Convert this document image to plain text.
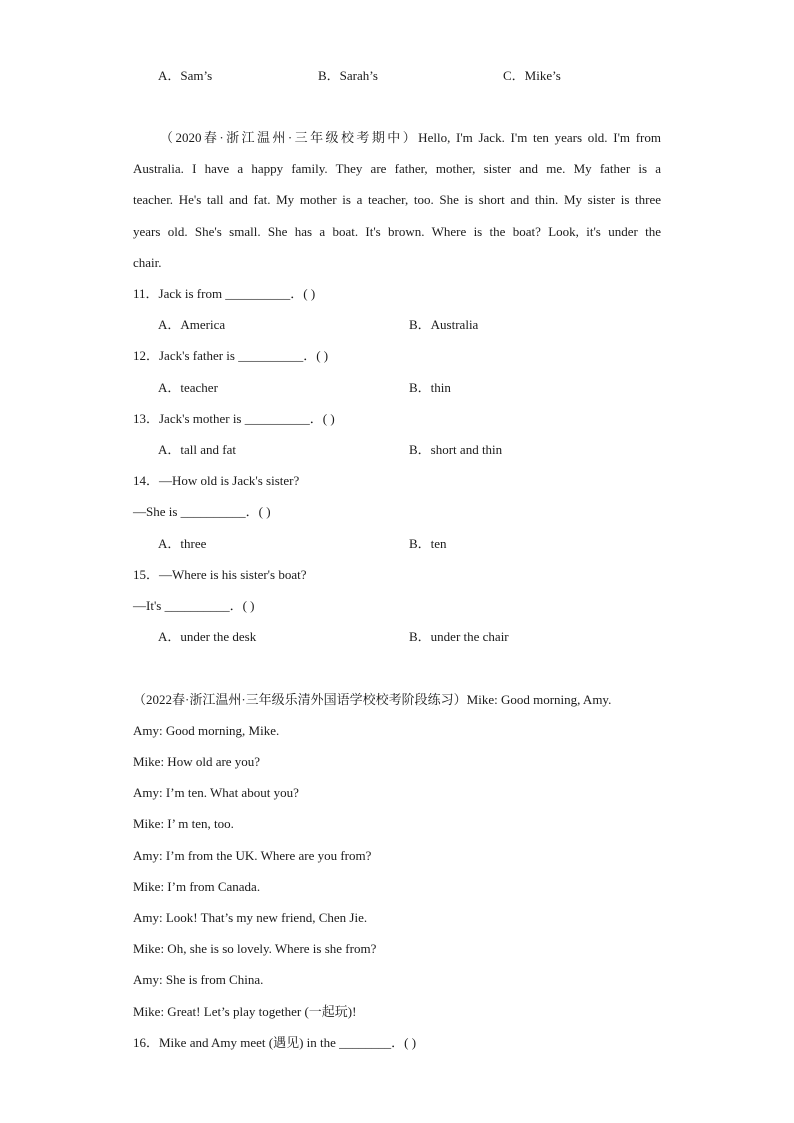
A．Sam’s	B．Sarah’s	C．Mike’s
（2020春·浙江温州·三年级校考期中）Hello, I'm Jack. I'm ten years old. I'm from
Australia. I have a happy family. They are father, mother, sister and me. My father is a
teacher. He's tall and fat. My mother is a teacher, too. She is short and thin. My sister is three
years old. She's small. She has a boat. It's brown. Where is the boat? Look, it's under the
chair.
11．Jack is from __________．( )
A．America	B．Australia
12．Jack's father is __________．( )
A．teacher	B．thin
13．Jack's mother is __________．( )
A．tall and fat	B．short and thin
14．—How old is Jack's sister?
—She is __________．( )
A．three	B．ten
15．—Where is his sister's boat?
—It's __________．( )
A．under the desk	B．under the chair
（2022春·浙江温州·三年级乐清外国语学校校考阶段练习）Mike: Good morning, Amy.
Amy: Good morning, Mike.
Mike: How old are you?
Amy: I’m ten. What about you?
Mike: I’ m ten, too.
Amy: I’m from the UK. Where are you from?
Mike: I’m from Canada.
Amy: Look! That’s my new friend, Chen Jie.
Mike: Oh, she is so lovely. Where is she from?
Amy: She is from China.
Mike: Great! Let’s play together (一起玩)!
16．Mike and Amy meet (遇见) in the ________．( )
